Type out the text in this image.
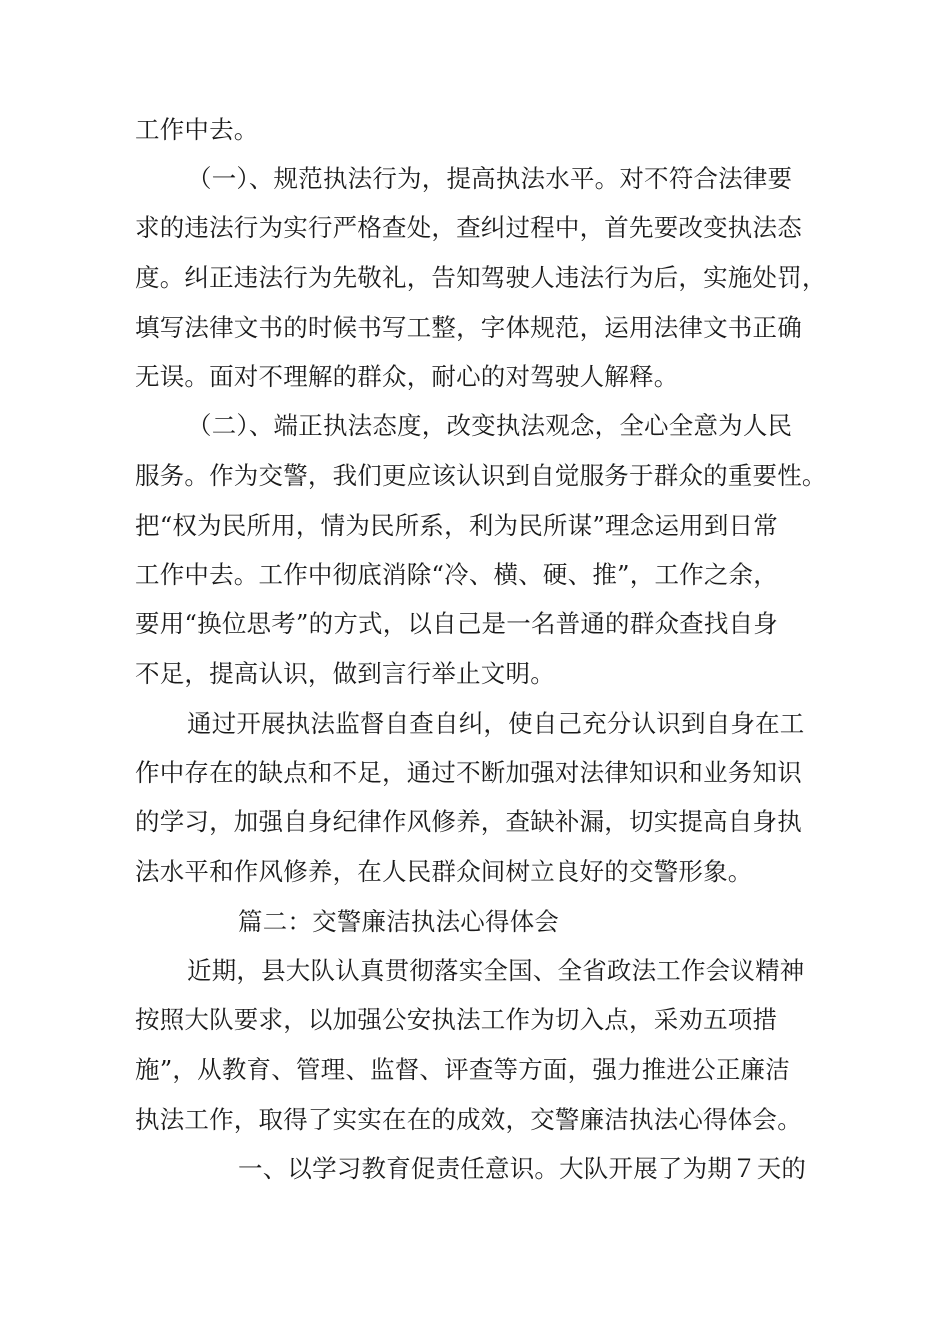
工作中去。
（一）、规范执法行为，提高执法水平。对不符合法律要
求的违法行为实行严格查处，查纠过程中，首先要改变执法态
度。纠正违法行为先敬礼，告知驾驶人违法行为后，实施处罚，
填写法律文书的时候书写工整，字体规范，运用法律文书正确
无误。面对不理解的群众，耐心的对驾驶人解释。
（二）、端正执法态度，改变执法观念，全心全意为人民
服务。作为交警，我们更应该认识到自觉服务于群众的重要性。
把“权为民所用，情为民所系，利为民所谋”理念运用到日常
工作中去。工作中彻底消除“冷、横、硬、推”，工作之余，
要用“换位思考”的方式，以自己是一名普通的群众查找自身
不足，提高认识，做到言行举止文明。
通过开展执法监督自查自纠，使自己充分认识到自身在工
作中存在的缺点和不足，通过不断加强对法律知识和业务知识
的学习，加强自身纪律作风修养，查缺补漏，切实提高自身执
法水平和作风修养，在人民群众间树立良好的交警形象。
篇二：交警廉洁执法心得体会
近期，县大队认真贯彻落实全国、全省政法工作会议精神
按照大队要求，以加强公安执法工作为切入点，采劝五项措
施”，从教育、管理、监督、评查等方面，强力推进公正廉洁
执法工作，取得了实实在在的成效，交警廉洁执法心得体会。
一、以学习教育促责任意识。大队开展了为期７天的
